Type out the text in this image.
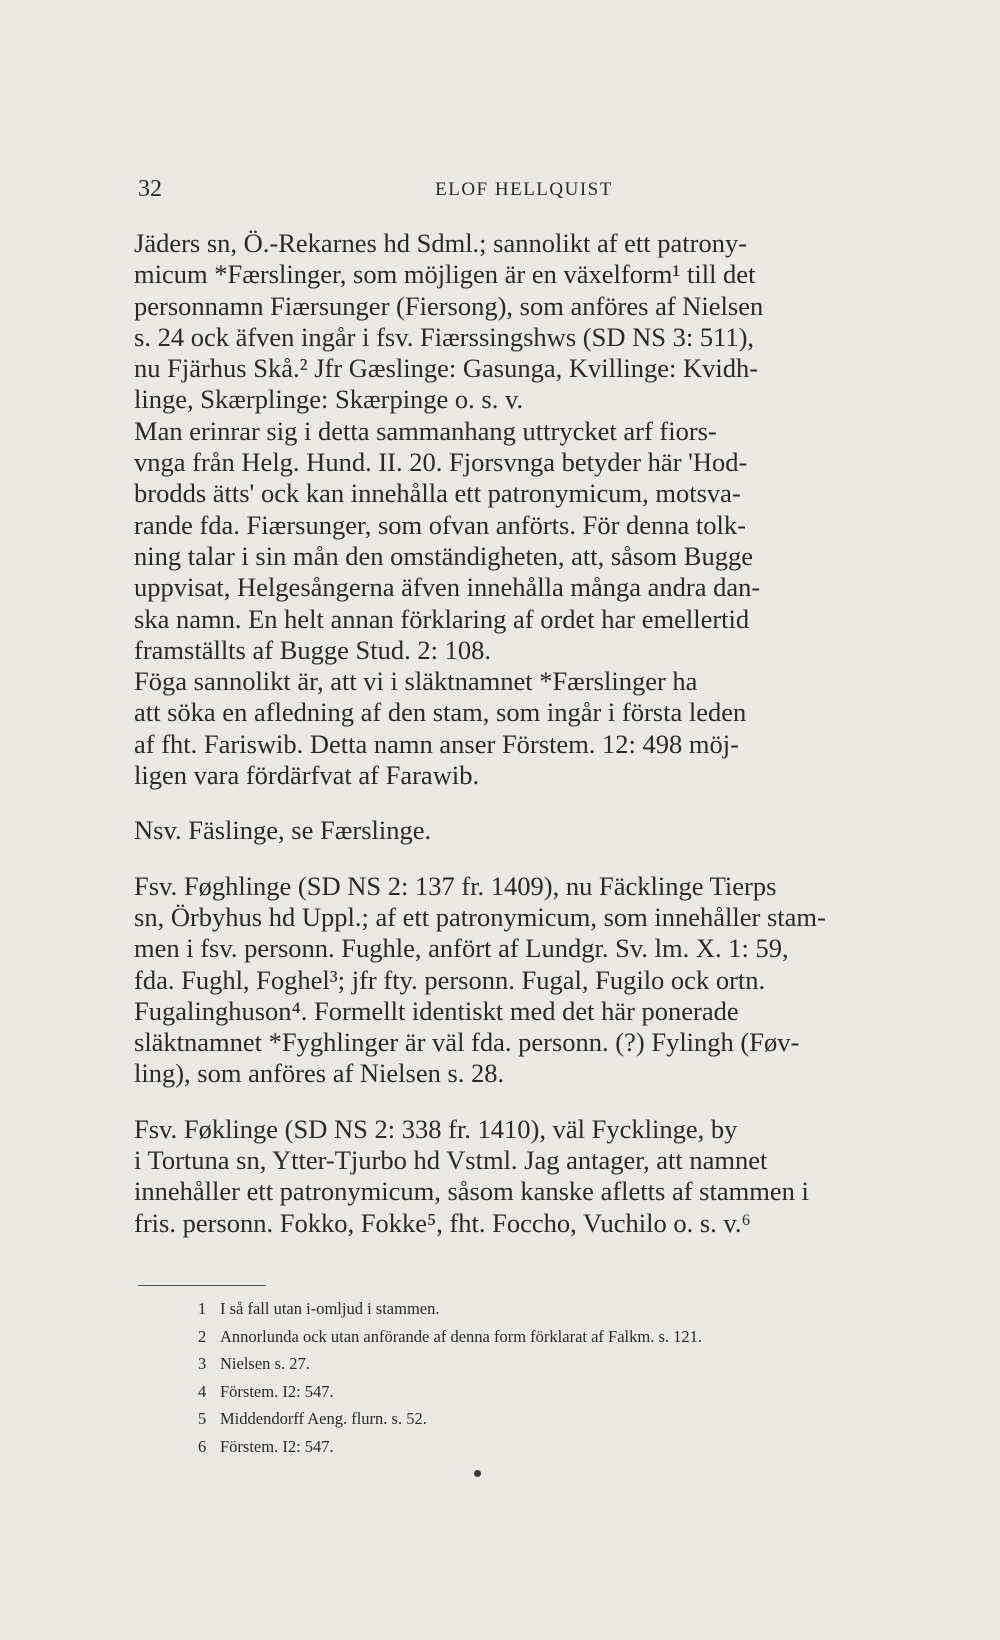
32	ELOF HELLQUIST
Jäders sn, Ö.-Rekarnes hd Sdml.; sannolikt af ett patrony-
micum *Færslinger, som möjligen är en växelform¹ till det
personnamn Fiærsunger (Fiersong), som anföres af Nielsen
s. 24 ock äfven ingår i fsv. Fiærssingshws (SD NS 3: 511),
nu Fjärhus Skå.² Jfr Gæslinge: Gasunga, Kvillinge: Kvidh-
linge, Skærplinge: Skærpinge o. s. v.
Man erinrar sig i detta sammanhang uttrycket arf fiors-
vnga från Helg. Hund. II. 20. Fjorsvnga betyder här 'Hod-
brodds ätts' ock kan innehålla ett patronymicum, motsva-
rande fda. Fiærsunger, som ofvan anförts. För denna tolk-
ning talar i sin mån den omständigheten, att, såsom Bugge
uppvisat, Helgesångerna äfven innehålla många andra dan-
ska namn. En helt annan förklaring af ordet har emellertid
framställts af Bugge Stud. 2: 108.
Föga sannolikt är, att vi i släktnamnet *Færslinger ha
att söka en afledning af den stam, som ingår i första leden
af fht. Fariswib. Detta namn anser Förstem. 12: 498 möj-
ligen vara fördärfvat af Farawib.
Nsv. Fäslinge, se Færslinge.
Fsv. Føghlinge (SD NS 2: 137 fr. 1409), nu Fäcklinge Tierps
sn, Örbyhus hd Uppl.; af ett patronymicum, som innehåller stam-
men i fsv. personn. Fughle, anfört af Lundgr. Sv. lm. X. 1: 59,
fda. Fughl, Foghel³; jfr fty. personn. Fugal, Fugilo ock ortn.
Fugalinghuson⁴. Formellt identiskt med det här ponerade
släktnamnet *Fyghlinger är väl fda. personn. (?) Fylingh (Føv-
ling), som anföres af Nielsen s. 28.
Fsv. Føklinge (SD NS 2: 338 fr. 1410), väl Fycklinge, by
i Tortuna sn, Ytter-Tjurbo hd Vstml. Jag antager, att namnet
innehåller ett patronymicum, såsom kanske afletts af stammen i
fris. personn. Fokko, Fokke⁵, fht. Foccho, Vuchilo o. s. v.⁶
1 I så fall utan i-omljud i stammen.
2 Annorlunda ock utan anförande af denna form förklarat af Falkm. s. 121.
3 Nielsen s. 27.
4 Förstem. I2: 547.
5 Middendorff Aeng. flurn. s. 52.
6 Förstem. I2: 547.
